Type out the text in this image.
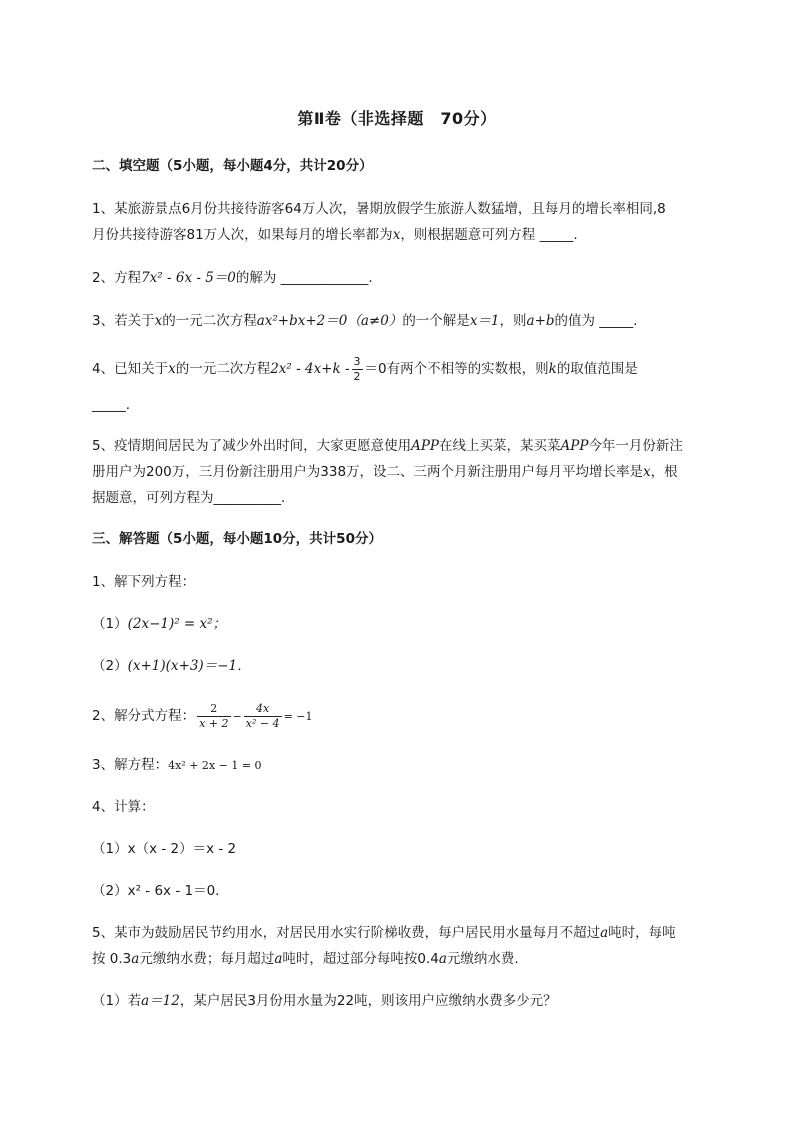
第Ⅱ卷（非选择题　70分）
二、填空题（5小题，每小题4分，共计20分）
1、某旅游景点6月份共接待游客64万人次，暑期放假学生旅游人数猛增，且每月的增长率相同,8
月份共接待游客81万人次，如果每月的增长率都为x，则根据题意可列方程 _____.
2、方程7x² - 6x - 5＝0的解为 _____________.
3、若关于x的一元二次方程ax²+bx+2＝0（a≠0）的一个解是x＝1，则a+b的值为 _____.
4、已知关于x的一元二次方程$2x^2 - 4x+k - \frac{3}{2} =0$有两个不相等的实数根，则k的取值范围是
_____.
5、疫情期间居民为了减少外出时间，大家更愿意使用APP在线上买菜，某买菜APP今年一月份新注
册用户为200万，三月份新注册用户为338万，设二、三两个月新注册用户每月平均增长率是x，根
据题意，可列方程为__________.
三、解答题（5小题，每小题10分，共计50分）
1、解下列方程：
（1）(2x−1)² = x²；
（2）(x+1)(x+3)＝−1．
2、解分式方程： $\frac{2}{x + 2} - \frac{4x}{\text{x² − 4}} = -1$
3、解方程：4x² + 2x − 1 = 0
4、计算：
（1）x（x - 2）＝x - 2
（2）x² - 6x - 1＝0.
5、某市为鼓励居民节约用水，对居民用水实行阶梯收费，每户居民用水量每月不超过a吨时，每吨
按 0.3a元缴纳水费；每月超过a吨时，超过部分每吨按0.4a元缴纳水费.
（1）若a＝12，某户居民3月份用水量为22吨，则该用户应缴纳水费多少元？
